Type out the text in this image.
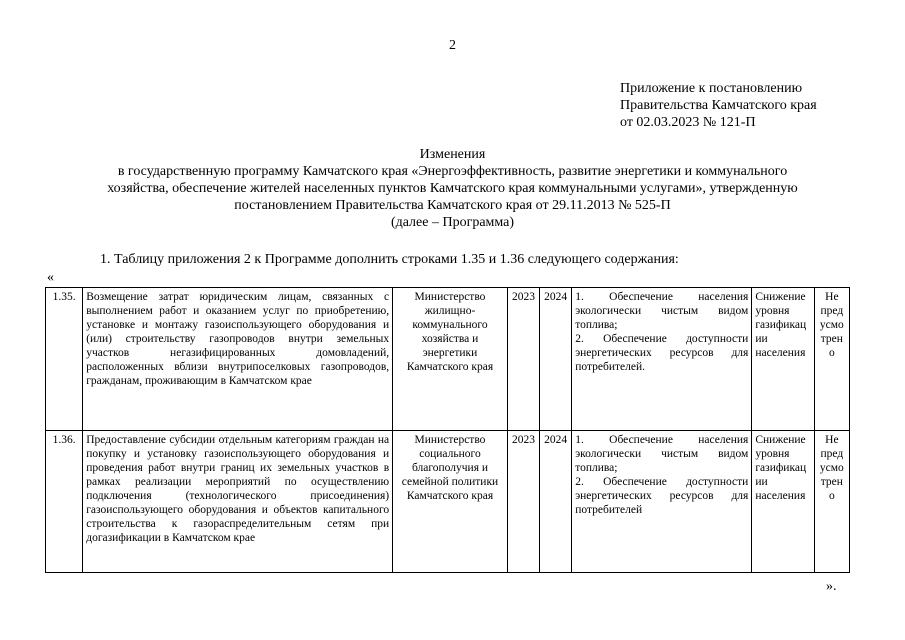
2
Приложение к постановлению
Правительства Камчатского края
от 02.03.2023 № 121-П
Изменения
в государственную программу Камчатского края «Энергоэффективность, развитие энергетики и коммунального
хозяйства, обеспечение жителей населенных пунктов Камчатского края коммунальными услугами», утвержденную
постановлением Правительства Камчатского края от 29.11.2013 № 525-П
(далее – Программа)
1. Таблицу приложения 2 к Программе дополнить строками 1.35 и 1.36 следующего содержания:
«
1.35.	Возмещение затрат юридическим лицам, связанных с выполнением работ и оказанием услуг по приобретению, установке и монтажу газоиспользующего оборудования и (или) строительству газопроводов внутри земельных участков негазифицированных домовладений, расположенных вблизи внутрипоселковых газопроводов, гражданам, проживающим в Камчатском крае	Министерство жилищно-коммунального хозяйства и энергетики Камчатского края	2023	2024	1. Обеспечение населения экологически чистым видом топлива;
2. Обеспечение доступности энергетических ресурсов для потребителей.	Снижение уровня газификац ии населения	Не пред усмо трен о
1.36.	Предоставление субсидии отдельным категориям граждан на покупку и установку газоиспользующего оборудования и проведения работ внутри границ их земельных участков в рамках реализации мероприятий по осуществлению подключения (технологического присоединения) газоиспользующего оборудования и объектов капитального строительства к газораспределительным сетям при догазификации в Камчатском крае	Министерство социального благополучия и семейной политики Камчатского края	2023	2024	1. Обеспечение населения экологически чистым видом топлива;
2. Обеспечение доступности энергетических ресурсов для потребителей	Снижение уровня газификац ии населения	Не пред усмо трен о
».
